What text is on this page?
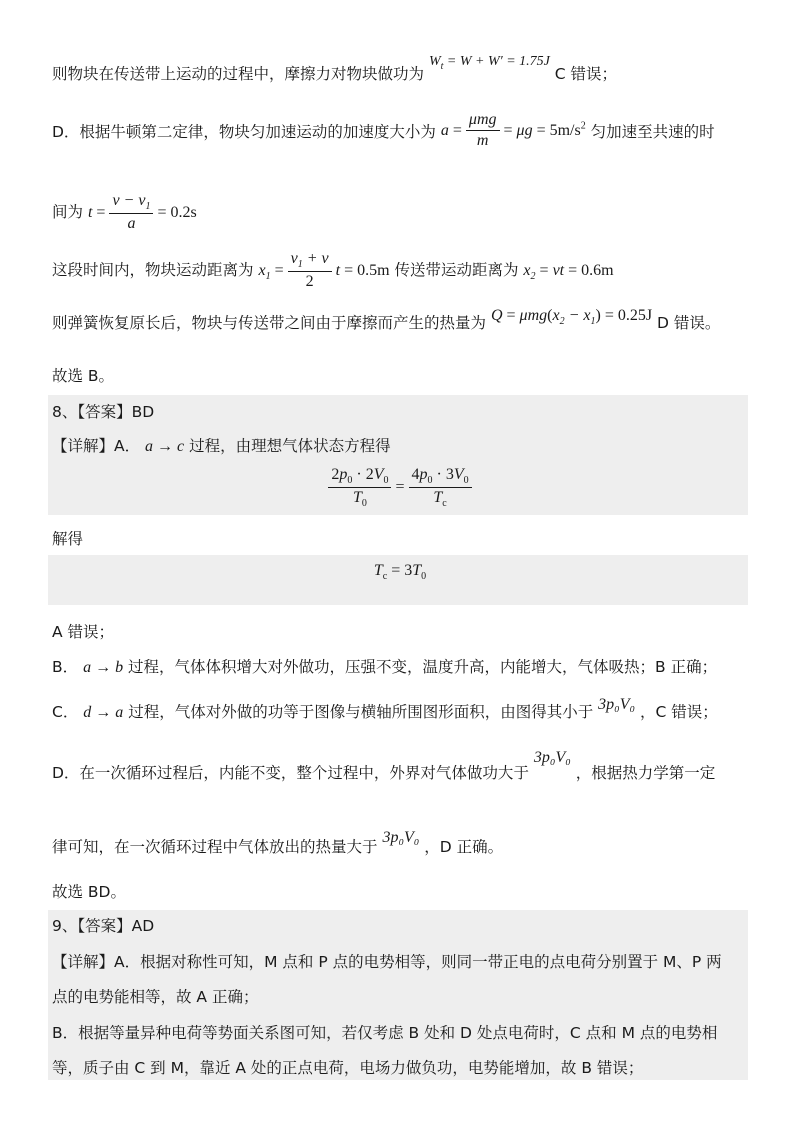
则物块在传送带上运动的过程中，摩擦力对物块做功为 $W_t = W + W' = 1.75J$ C 错误；
D．根据牛顿第二定律，物块匀加速运动的加速度大小为 $a = \frac{\text{μmg}}{m} = \mu g = 5m/s^2$ 匀加速至共速的时
间为 $t = \frac{v - v_1}{a} = 0.2s$
这段时间内，物块运动距离为 $x_1 = \frac{v_1 + v}{2}$ t = 0.5m 传送带运动距离为 $x_2$ = vt = 0.6m
则弹簧恢复原长后，物块与传送带之间由于摩擦而产生的热量为 $Q = \mu mg(x_2 - x_1) = 0.25J$ D 错误。
故选 B。
8、【答案】BD
【详解】A． a → c 过程，由理想气体状态方程得
$\frac{2p_0 \cdot 2V_0}{T_0} = \frac{4p_0 \cdot 3V_0}{T_c}$
解得
$T_c = 3T_0$
A 错误；
B． a → b 过程，气体体积增大对外做功，压强不变，温度升高，内能增大，气体吸热；B 正确；
C． d → a 过程，气体对外做的功等于图像与横轴所围图形面积，由图得其小于 3p₀V₀ ，C 错误；
D．在一次循环过程后，内能不变，整个过程中，外界对气体做功大于 3p₀V₀ ，根据热力学第一定
律可知，在一次循环过程中气体放出的热量大于 3p₀V₀ ，D 正确。
故选 BD。
9、【答案】AD
【详解】A．根据对称性可知，M 点和 P 点的电势相等，则同一带正电的点电荷分别置于 M、P 两
点的电势能相等，故 A 正确；
B．根据等量异种电荷等势面关系图可知，若仅考虑 B 处和 D 处点电荷时，C 点和 M 点的电势相
等，质子由 C 到 M，靠近 A 处的正点电荷，电场力做负功，电势能增加，故 B 错误；
